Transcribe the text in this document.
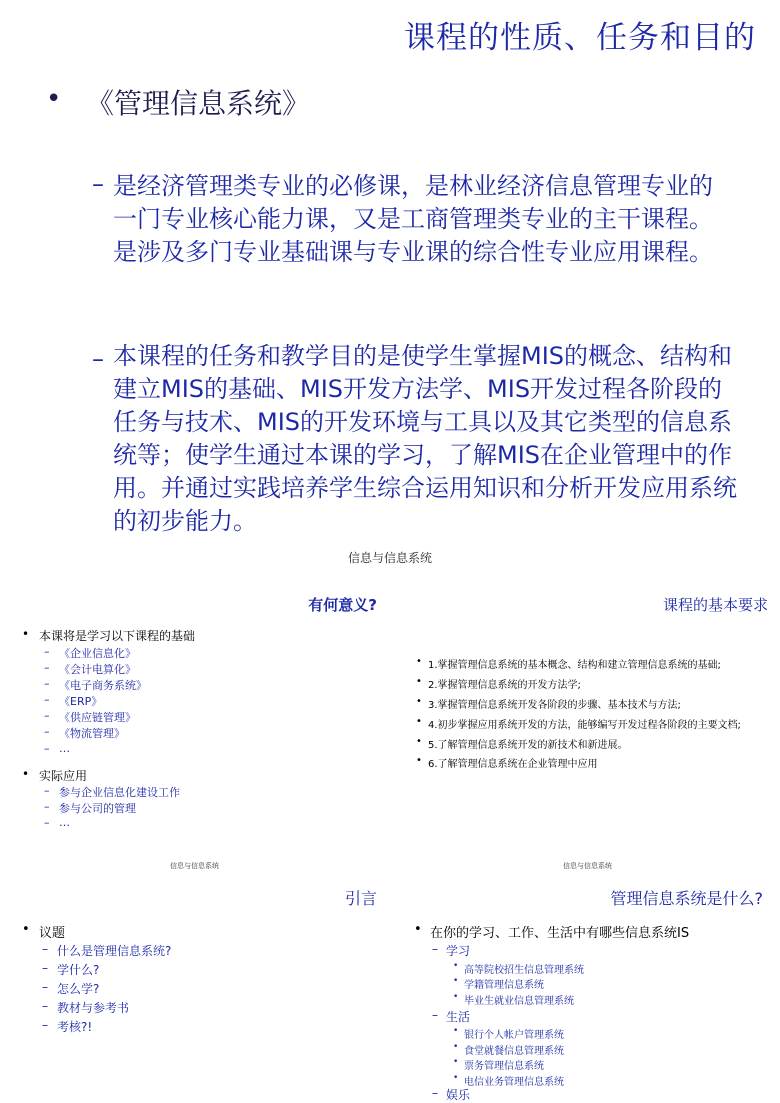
课程的性质、任务和目的
• 《管理信息系统》
– 是经济管理类专业的必修课，是林业经济信息管理专业的一门专业核心能力课，又是工商管理类专业的主干课程。是涉及多门专业基础课与专业课的综合性专业应用课程。
– 本课程的任务和教学目的是使学生掌握MIS的概念、结构和建立MIS的基础、MIS开发方法学、MIS开发过程各阶段的任务与技术、MIS的开发环境与工具以及其它类型的信息系统等；使学生通过本课的学习，了解MIS在企业管理中的作用。并通过实践培养学生综合运用知识和分析开发应用系统的初步能力。
信息与信息系统
有何意义?
• 本课将是学习以下课程的基础
– 《企业信息化》
– 《会计电算化》
– 《电子商务系统》
– 《ERP》
– 《供应链管理》
– 《物流管理》
– …
• 实际应用
– 参与企业信息化建设工作
– 参与公司的管理
– …
课程的基本要求
• 1.掌握管理信息系统的基本概念、结构和建立管理信息系统的基础;
• 2.掌握管理信息系统的开发方法学;
• 3.掌握管理信息系统开发各阶段的步骤、基本技术与方法;
• 4.初步掌握应用系统开发的方法，能够编写开发过程各阶段的主要文档;
• 5.了解管理信息系统开发的新技术和新进展。
• 6.了解管理信息系统在企业管理中应用
信息与信息系统
引言
• 议题
– 什么是管理信息系统?
– 学什么?
– 怎么学?
– 教材与参考书
– 考核?!
信息与信息系统
管理信息系统是什么?
• 在你的学习、工作、生活中有哪些信息系统IS
– 学习
• 高等院校招生信息管理系统
• 学籍管理信息系统
• 毕业生就业信息管理系统
– 生活
• 银行个人帐户管理系统
• 食堂就餐信息管理系统
• 票务管理信息系统
• 电信业务管理信息系统
– 娱乐
